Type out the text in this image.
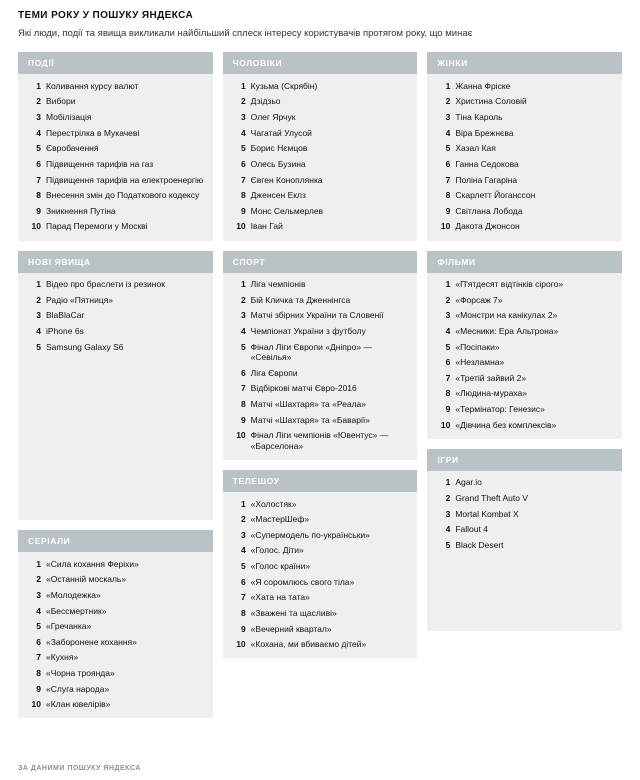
ТЕМИ РОКУ У ПОШУКУ ЯНДЕКСА

Які люди, події та явища викликали найбільший сплеск інтересу користувачів протягом року, що минає

ПОДІЇ
1 Коливання курсу валют
2 Вибори
3 Мобілізація
4 Перестрілка в Мукачеві
5 Євробачення
6 Підвищення тарифів на газ
7 Підвищення тарифів на електроенергію
8 Внесення змін до Податкового кодексу
9 Зникнення Путіна
10 Парад Перемоги у Москві
НОВІ ЯВИЩА
1 Відео про браслети із резинок
2 Радіо «Пятниця»
3 BlaBlaCar
4 iPhone 6s
5 Samsung Galaxy S6
СЕРІАЛИ
1 «Сила кохання Феріхи»
2 «Останній москаль»
3 «Молодежка»
4 «Бессмертник»
5 «Гречанка»
6 «Заборонене кохання»
7 «Кухня»
8 «Чорна троянда»
9 «Слуга народа»
10 «Клан ювелірів»
ЧОЛОВІКИ
1 Кузьма (Скрябін)
2 Дзідзьо
3 Олег Ярчук
4 Чагатай Улусой
5 Борис Нємцов
6 Олесь Бузина
7 Євген Коноплянка
8 Дженсен Еклз
9 Монс Сельмерлев
10 Іван Гай
СПОРТ
1 Ліга чемпіонів
2 Бій Кличка та Дженнінгса
3 Матчі збірних України та Словенії
4 Чемпіонат України з футболу
5 Фінал Ліги Європи «Дніпро» — «Севілья»
6 Ліга Європи
7 Відбіркові матчі Євро-2016
8 Матчі «Шахтаря» та «Реала»
9 Матчі «Шахтаря» та «Баварії»
10 Фінал Ліги чемпіонів «Ювентус» — «Барселона»
ТЕЛЕШОУ
1 «Холостяк»
2 «МастерШеф»
3 «Супермодель по-українськи»
4 «Голос. Діти»
5 «Голос країни»
6 «Я соромлюсь свого тіла»
7 «Хата на тата»
8 «Зважені та щасливі»
9 «Вечерний квартал»
10 «Кохана, ми вбиваємо дітей»
ЖІНКИ
1 Жанна Фріске
2 Христина Соловій
3 Тіна Кароль
4 Віра Брежнєва
5 Хазал Кая
6 Ганна Седокова
7 Поліна Гагаріна
8 Скарлетт Йоганссон
9 Світлана Лобода
10 Дакота Джонсон
ФІЛЬМИ
1 «П'ятдесят відтінків сірого»
2 «Форсаж 7»
3 «Монстри на канікулах 2»
4 «Месники: Ера Альтрона»
5 «Посіпаки»
6 «Незламна»
7 «Третій зайвий 2»
8 «Людина-мураха»
9 «Термінатор: Генезис»
10 «Дівчина без комплексів»
ІГРИ
1 Agar.io
2 Grand Theft Auto V
3 Mortal Kombat X
4 Fallout 4
5 Black Desert
ЗА ДАНИМИ ПОШУКУ ЯНДЕКСА
